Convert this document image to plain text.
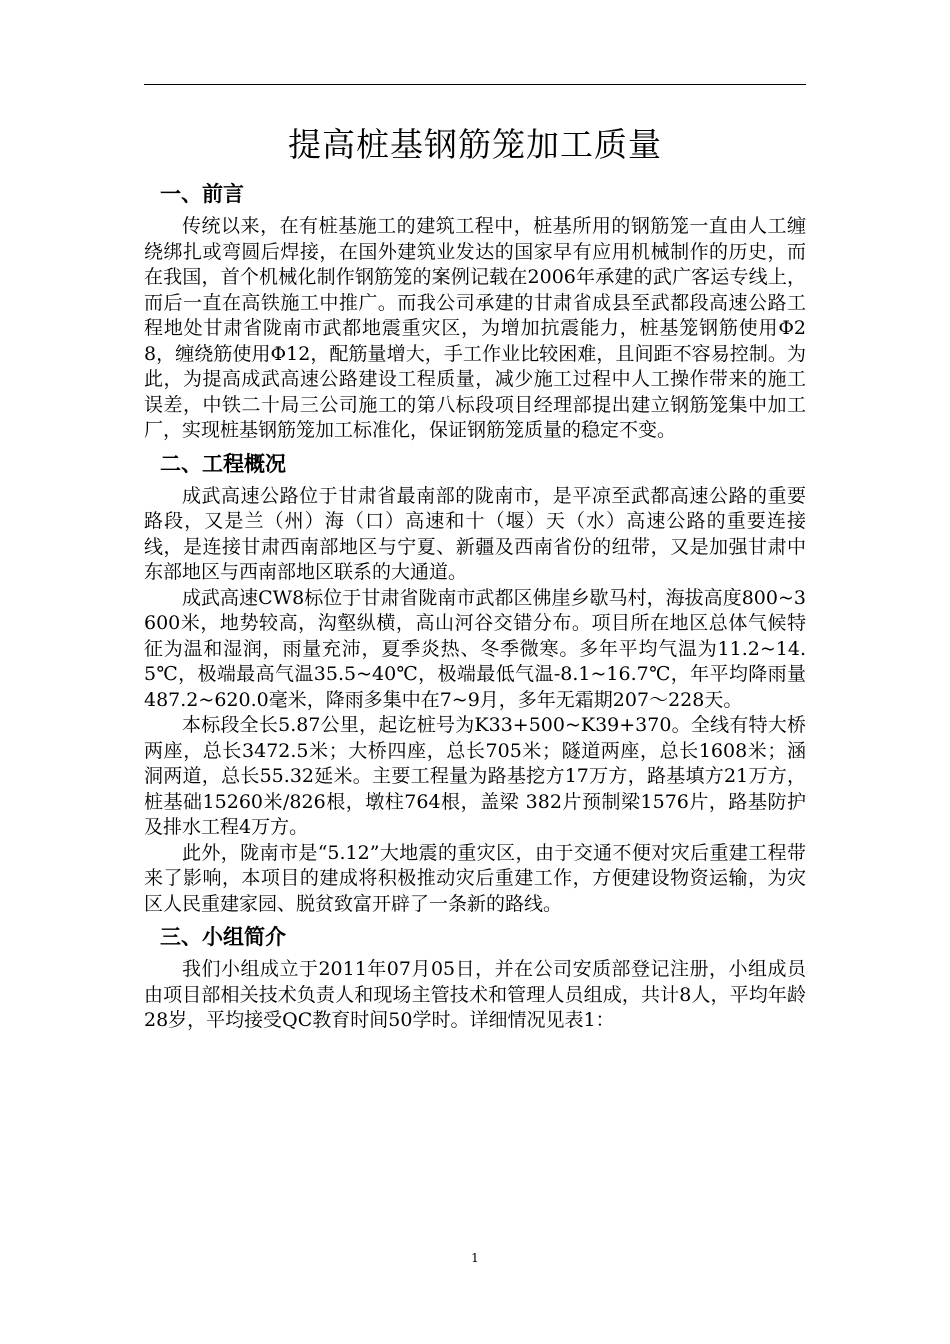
提高桩基钢筋笼加工质量
一、前言

传统以来，在有桩基施工的建筑工程中，桩基所用的钢筋笼一直由人工缠绕绑扎或弯圆后焊接，在国外建筑业发达的国家早有应用机械制作的历史，而在我国，首个机械化制作钢筋笼的案例记载在2006年承建的武广客运专线上，而后一直在高铁施工中推广。而我公司承建的甘肃省成县至武都段高速公路工程地处甘肃省陇南市武都地震重灾区，为增加抗震能力，桩基笼钢筋使用Φ28，缠绕筋使用Φ12，配筋量增大，手工作业比较困难，且间距不容易控制。为此，为提高成武高速公路建设工程质量，减少施工过程中人工操作带来的施工误差，中铁二十局三公司施工的第八标段项目经理部提出建立钢筋笼集中加工厂，实现桩基钢筋笼加工标准化，保证钢筋笼质量的稳定不变。

二、工程概况

成武高速公路位于甘肃省最南部的陇南市，是平凉至武都高速公路的重要路段，又是兰（州）海（口）高速和十（堰）天（水）高速公路的重要连接线，是连接甘肃西南部地区与宁夏、新疆及西南省份的纽带，又是加强甘肃中东部地区与西南部地区联系的大通道。

成武高速CW8标位于甘肃省陇南市武都区佛崖乡歇马村，海拔高度800~3600米，地势较高，沟壑纵横，高山河谷交错分布。项目所在地区总体气候特征为温和湿润，雨量充沛，夏季炎热、冬季微寒。多年平均气温为11.2~14.5℃，极端最高气温35.5~40℃，极端最低气温-8.1~16.7℃，年平均降雨量487.2~620.0毫米，降雨多集中在7~9月，多年无霜期207～228天。

本标段全长5.87公里，起讫桩号为K33+500~K39+370。全线有特大桥两座，总长3472.5米；大桥四座，总长705米；隧道两座，总长1608米；涵洞两道，总长55.32延米。主要工程量为路基挖方17万方，路基填方21万方，桩基础15260米/826根，墩柱764根，盖梁 382片预制梁1576片，路基防护及排水工程4万方。

此外，陇南市是“5.12”大地震的重灾区，由于交通不便对灾后重建工程带来了影响，本项目的建成将积极推动灾后重建工作，方便建设物资运输，为灾区人民重建家园、脱贫致富开辟了一条新的路线。

三、小组简介

我们小组成立于2011年07月05日，并在公司安质部登记注册，小组成员由项目部相关技术负责人和现场主管技术和管理人员组成，共计8人，平均年龄28岁，平均接受QC教育时间50学时。详细情况见表1：

1
